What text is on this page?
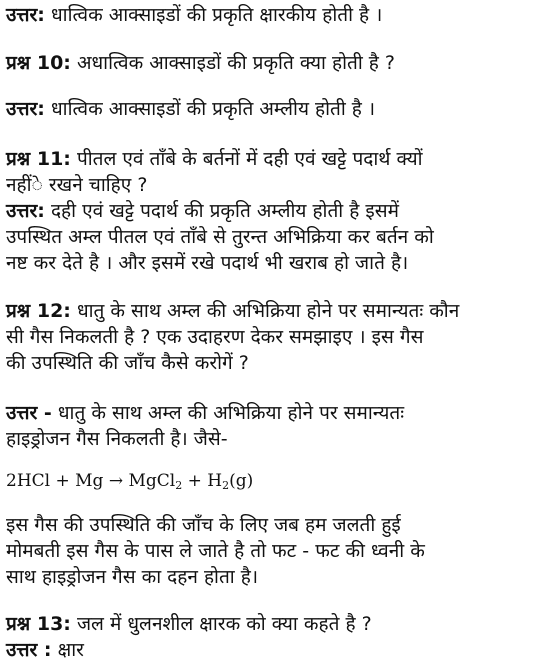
उत्तर: धात्विक आक्साइडों की प्रकृति क्षारकीय होती है ।
प्रश्न 10: अधात्विक आक्साइडों की प्रकृति क्या होती है ?
उत्तर: धात्विक आक्साइडों की प्रकृति अम्लीय होती है ।
प्रश्न 11: पीतल एवं ताँबे के बर्तनों में दही एवं खट्टे पदार्थ क्यों
नहींे रखने चाहिए ?
उत्तर: दही एवं खट्टे पदार्थ की प्रकृति अम्लीय होती है इसमें
उपस्थित अम्ल पीतल एवं ताँबे से तुरन्त अभिक्रिया कर बर्तन को
नष्ट कर देते है । और इसमें रखे पदार्थ भी खराब हो जाते है।
प्रश्न 12: धातु के साथ अम्ल की अभिक्रिया होने पर समान्यतः कौन
सी गैस निकलती है ? एक उदाहरण देकर समझाइए । इस गैस
की उपस्थिति की जाँच कैसे करोगें ?
उत्तर - धातु के साथ अम्ल की अभिक्रिया होने पर समान्यतः
हाइड्रोजन गैस निकलती है। जैसे-
2HCl + Mg → MgCl$_2$ + $H_2(g)$
इस गैस की उपस्थिति की जाँच के लिए जब हम जलती हुई
मोमबती इस गैस के पास ले जाते है तो फट - फट की ध्वनी के
साथ हाइड्रोजन गैस का दहन होता है।
प्रश्न 13: जल में धुलनशील क्षारक को क्या कहते है ?
उत्तर : क्षार
